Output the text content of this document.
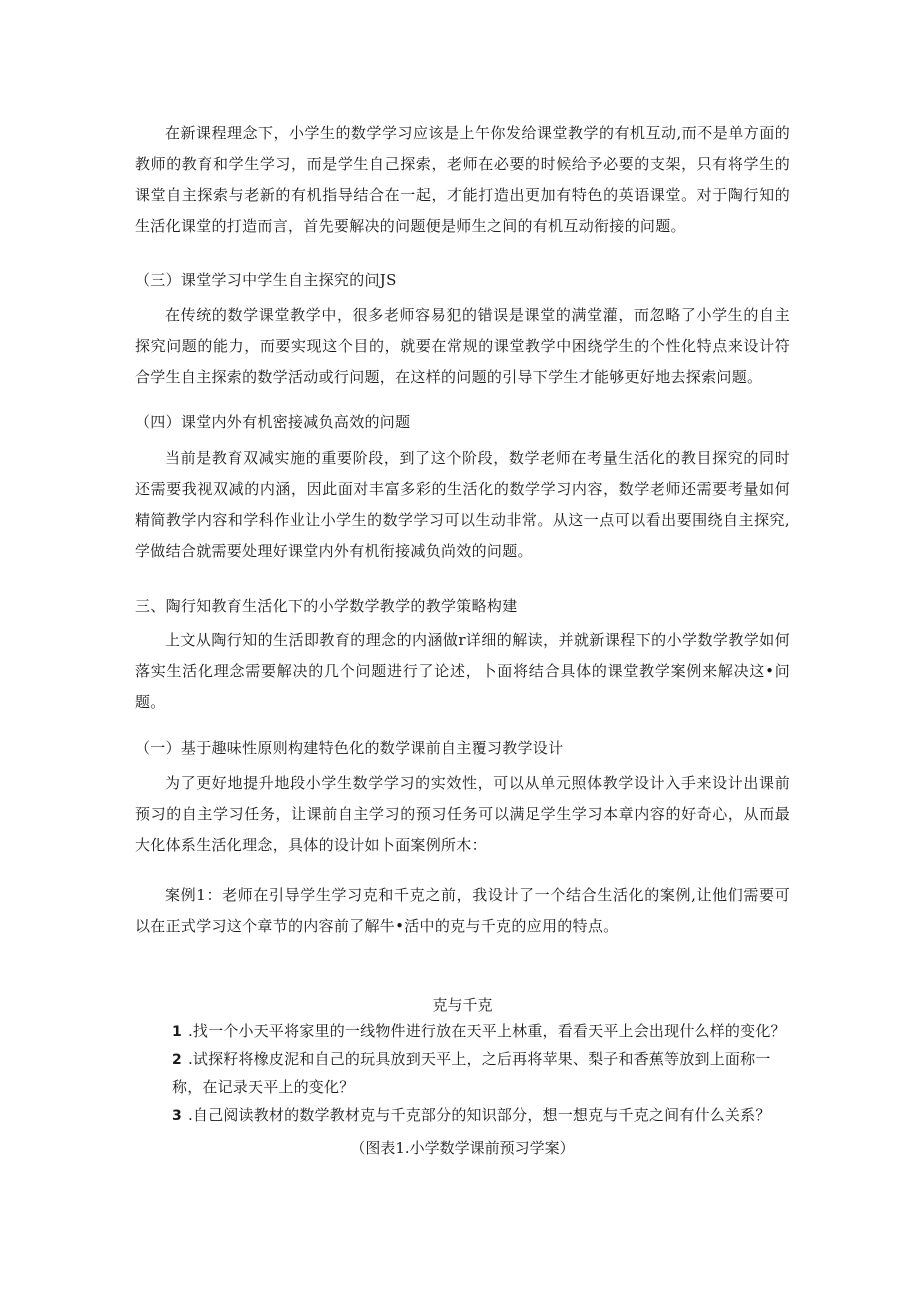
在新课程理念下，小学生的数学学习应该是上午你发给课堂教学的有机互动,而不是单方面的教师的教育和学生学习，而是学生自己探索，老师在必要的时候给予必要的支架，只有将学生的课堂自主探索与老新的有机指导结合在一起，才能打造出更加有特色的英语课堂。对于陶行知的生活化课堂的打造而言，首先要解决的问题便是师生之间的有机互动衔接的问题。

（三）课堂学习中学生自主探究的问JS

在传统的数学课堂教学中，很多老师容易犯的错误是课堂的满堂灌，而忽略了小学生的自主探究问题的能力，而要实现这个目的，就要在常规的课堂教学中困绕学生的个性化特点来设计符合学生自主探索的数学活动或行问题，在这样的问题的引导下学生才能够更好地去探索问题。

（四）课堂内外有机密接减负高效的问题

当前是教育双减实施的重要阶段，到了这个阶段，数学老师在考量生活化的教目探究的同时还需要我视双减的内涵，因此面对丰富多彩的生活化的数学学习内容，数学老师还需要考量如何精简教学内容和学科作业让小学生的数学学习可以生动非常。从这一点可以看出要围绕自主探究,学做结合就需要处理好课堂内外有机衔接减负尚效的问题。

三、陶行知教育生活化下的小学数学教学的教学策略构建

上文从陶行知的生活即教育的理念的内涵做r详细的解读，并就新课程下的小学数学教学如何落实生活化理念需要解决的几个问题进行了论述，卜面将结合具体的课堂教学案例来解决这•问题。

（一）基于趣味性原则构建特色化的数学课前自主覆习教学设计

为了更好地提升地段小学生数学学习的实效性，可以从单元照体教学设计入手来设计出课前预习的自主学习任务，让课前自主学习的预习任务可以满足学生学习本章内容的好奇心，从而最大化体系生活化理念，具体的设计如卜面案例所木：

案例1：老师在引导学生学习克和千克之前，我设计了一个结合生活化的案例,让他们需要可以在正式学习这个章节的内容前了解牛•活中的克与千克的应用的特点。

克与千克

1 .找一个小天平将家里的一线物件进行放在天平上林重，看看天平上会出现什么样的变化？

2 .试探籽将橡皮泥和自己的玩具放到天平上，之后再将苹果、梨子和香蕉等放到上面称一称，在记录天平上的变化？

3 .自己阅读教材的数学教材克与千克部分的知识部分，想一想克与千克之间有什么关系？

（图表1.小学数学课前预习学案）
